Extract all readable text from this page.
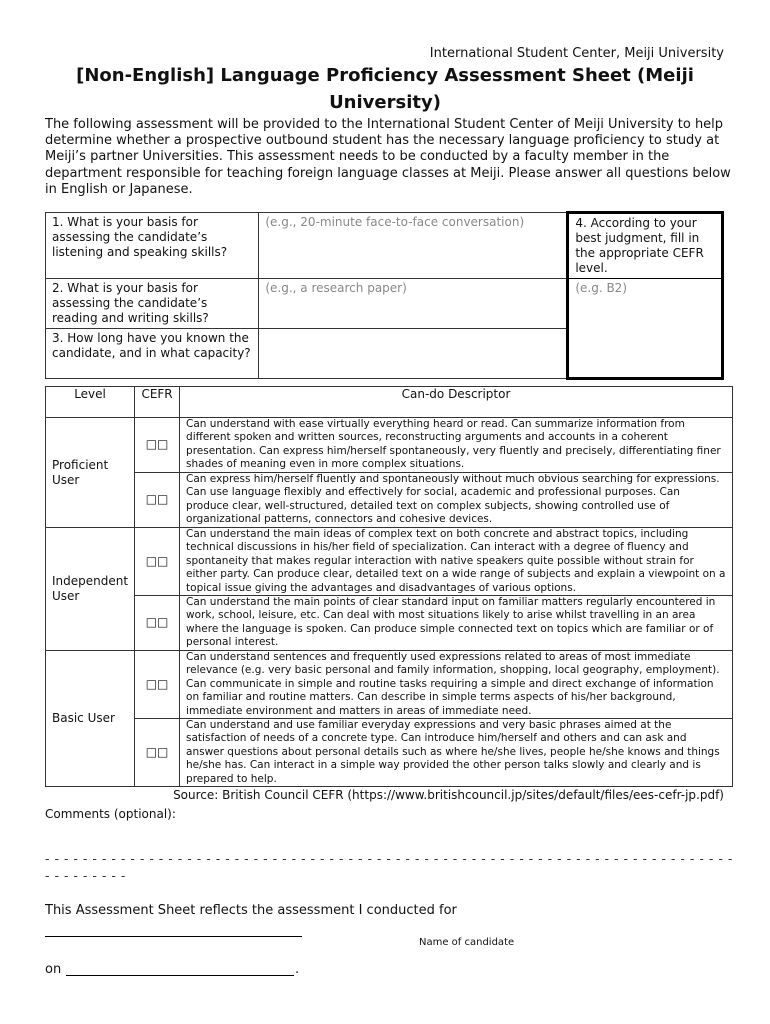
International Student Center, Meiji University
[Non-English] Language Proficiency Assessment Sheet (Meiji University)
The following assessment will be provided to the International Student Center of Meiji University to help determine whether a prospective outbound student has the necessary language proficiency to study at Meiji’s partner Universities. This assessment needs to be conducted by a faculty member in the department responsible for teaching foreign language classes at Meiji. Please answer all questions below in English or Japanese.
1. What is your basis for assessing the candidate’s listening and speaking skills?	(e.g., 20-minute face-to-face conversation)	4. According to your best judgment, fill in the appropriate CEFR level.
2. What is your basis for assessing the candidate’s reading and writing skills?	(e.g., a research paper)	(e.g. B2)
3. How long have you known the candidate, and in what capacity?		
Level	CEFR	Can-do Descriptor
Proficient User	□□	Can understand with ease virtually everything heard or read. Can summarize information from different spoken and written sources, reconstructing arguments and accounts in a coherent presentation. Can express him/herself spontaneously, very fluently and precisely, differentiating finer shades of meaning even in more complex situations.
	□□	Can express him/herself fluently and spontaneously without much obvious searching for expressions. Can use language flexibly and effectively for social, academic and professional purposes. Can produce clear, well-structured, detailed text on complex subjects, showing controlled use of organizational patterns, connectors and cohesive devices.
Independent User	□□	Can understand the main ideas of complex text on both concrete and abstract topics, including technical discussions in his/her field of specialization. Can interact with a degree of fluency and spontaneity that makes regular interaction with native speakers quite possible without strain for either party. Can produce clear, detailed text on a wide range of subjects and explain a viewpoint on a topical issue giving the advantages and disadvantages of various options.
	□□	Can understand the main points of clear standard input on familiar matters regularly encountered in work, school, leisure, etc. Can deal with most situations likely to arise whilst travelling in an area where the language is spoken. Can produce simple connected text on topics which are familiar or of personal interest.
Basic User	□□	Can understand sentences and frequently used expressions related to areas of most immediate relevance (e.g. very basic personal and family information, shopping, local geography, employment). Can communicate in simple and routine tasks requiring a simple and direct exchange of information on familiar and routine matters. Can describe in simple terms aspects of his/her background, immediate environment and matters in areas of immediate need.
	□□	Can understand and use familiar everyday expressions and very basic phrases aimed at the satisfaction of needs of a concrete type. Can introduce him/herself and others and can ask and answer questions about personal details such as where he/she lives, people he/she knows and things he/she has. Can interact in a simple way provided the other person talks slowly and clearly and is prepared to help.
Source: British Council CEFR (https://www.britishcouncil.jp/sites/default/files/ees-cefr-jp.pdf)
Comments (optional):
- - - - - - - - - - - - - - - - - - - - - - - - - - - - - - - - - - - - - - - - - - - - - - - - - - - - - - - - - - - - - - - - - - - - - - - - - - - - - - - - - -
This Assessment Sheet reflects the assessment I conducted for
Name of candidate
on	.
